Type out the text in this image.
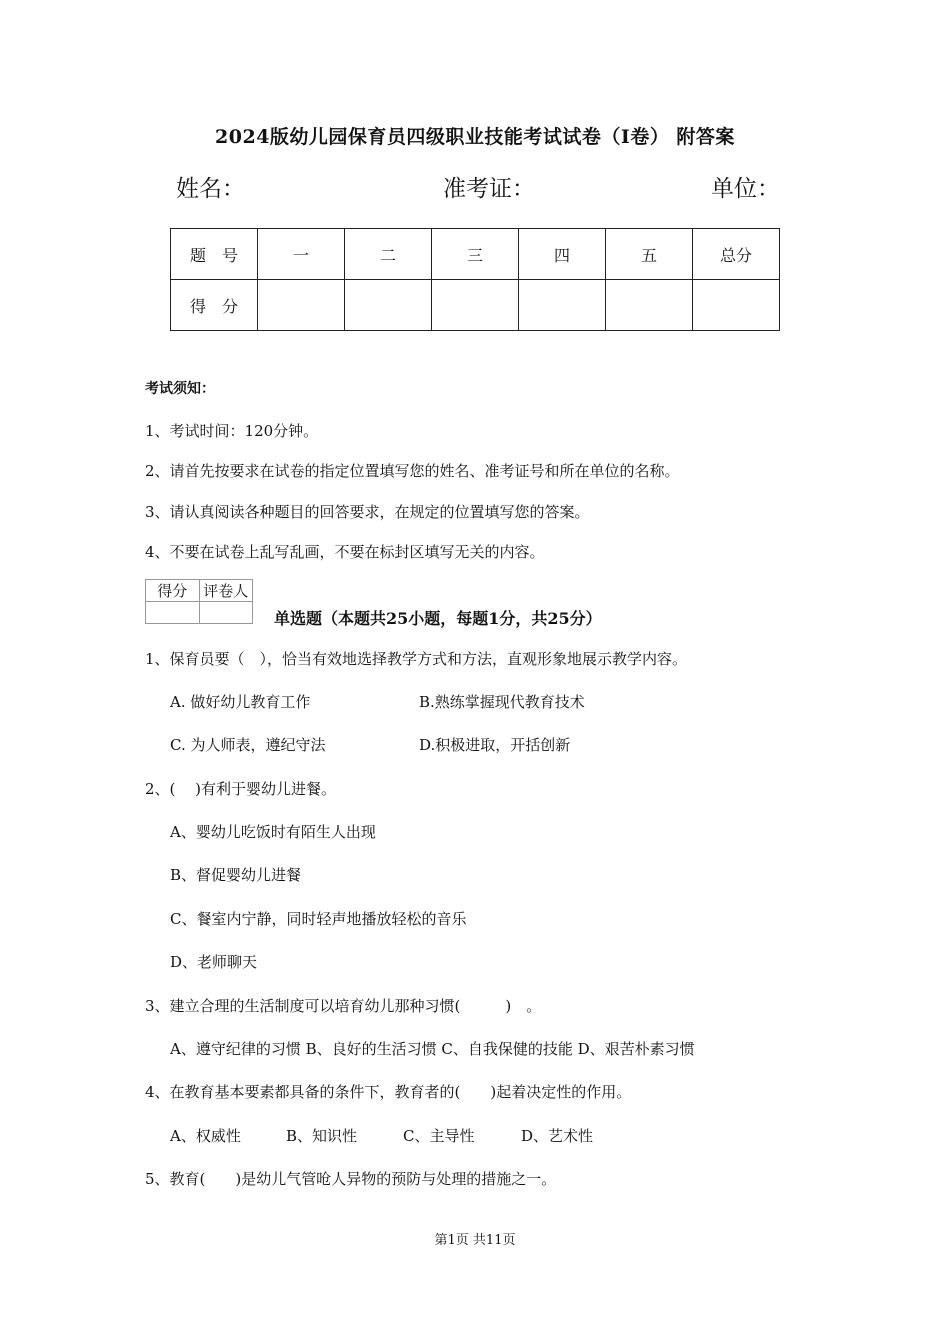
2024版幼儿园保育员四级职业技能考试试卷（I卷） 附答案
姓名：	准考证：	单位：
题　号	一	二	三	四	五	总分
得　分						
考试须知：
1、考试时间：120分钟。
2、请首先按要求在试卷的指定位置填写您的姓名、准考证号和所在单位的名称。
3、请认真阅读各种题目的回答要求，在规定的位置填写您的答案。
4、不要在试卷上乱写乱画，不要在标封区填写无关的内容。
得分	评卷人

单选题（本题共25小题，每题1分，共25分）
1、保育员要（　），恰当有效地选择教学方式和方法，直观形象地展示教学内容。
A. 做好幼儿教育工作	B.熟练掌握现代教育技术
C. 为人师表，遵纪守法	D.积极进取，开括创新
2、(　 )有利于婴幼儿进餐。
A、婴幼儿吃饭时有陌生人出现
B、督促婴幼儿进餐
C、餐室内宁静，同时轻声地播放轻松的音乐
D、老师聊天
3、建立合理的生活制度可以培育幼儿那种习惯(　　　)　。
A、遵守纪律的习惯 B、良好的生活习惯 C、自我保健的技能 D、艰苦朴素习惯
4、在教育基本要素都具备的条件下，教育者的(　　)起着决定性的作用。
A、权威性	B、知识性	C、主导性	D、艺术性
5、教育(　　)是幼儿气管呛人异物的预防与处理的措施之一。
第1页 共11页
